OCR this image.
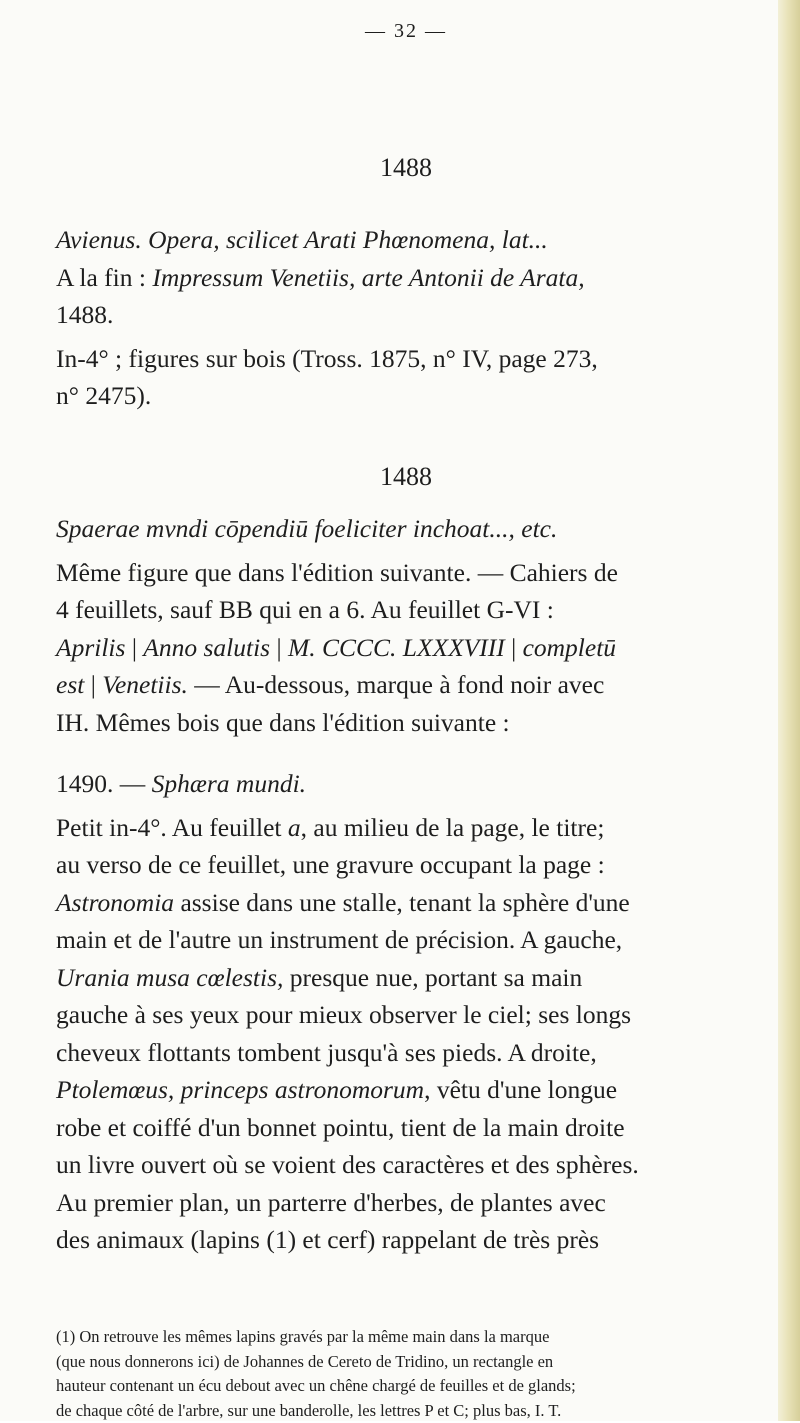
— 32 —
1488
Avienus. Opera, scilicet Arati Phœnomena, lat...
A la fin : Impressum Venetiis, arte Antonii de Arata,
1488.
In-4° ; figures sur bois (Tross. 1875, n° IV, page 273,
n° 2475).
1488
Spaerae mvndi cōpendiū foeliciter inchoat..., etc.
Même figure que dans l'édition suivante. — Cahiers de
4 feuillets, sauf BB qui en a 6. Au feuillet G-VI :
Aprilis | Anno salutis | M. CCCC. LXXXVIII | completū
est | Venetiis. — Au-dessous, marque à fond noir avec
IH. Mêmes bois que dans l'édition suivante :
1490. — Sphæra mundi.
Petit in-4°. Au feuillet a, au milieu de la page, le titre;
au verso de ce feuillet, une gravure occupant la page :
Astronomia assise dans une stalle, tenant la sphère d'une
main et de l'autre un instrument de précision. A gauche,
Urania musa cœlestis, presque nue, portant sa main
gauche à ses yeux pour mieux observer le ciel; ses longs
cheveux flottants tombent jusqu'à ses pieds. A droite,
Ptolemœus, princeps astronomorum, vêtu d'une longue
robe et coiffé d'un bonnet pointu, tient de la main droite
un livre ouvert où se voient des caractères et des sphères.
Au premier plan, un parterre d'herbes, de plantes avec
des animaux (lapins (1) et cerf) rappelant de très près
(1) On retrouve les mêmes lapins gravés par la même main dans la marque
(que nous donnerons ici) de Johannes de Cereto de Tridino, un rectangle en
hauteur contenant un écu debout avec un chêne chargé de feuilles et de glands;
de chaque côté de l'arbre, sur une banderolle, les lettres P et C; plus bas, I. T.
